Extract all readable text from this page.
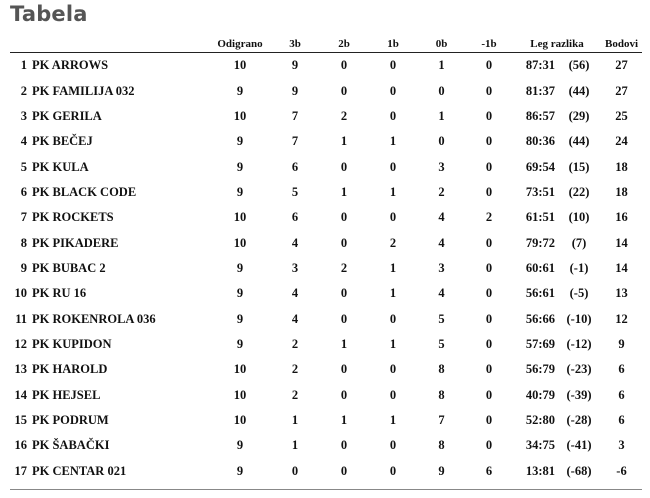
Tabela
		Odigrano	3b	2b	1b	0b	-1b	Leg razlika	Bodovi
1	PK ARROWS	10	9	0	0	1	0	87:31 (56)	27
2	PK FAMILIJA 032	9	9	0	0	0	0	81:37 (44)	27
3	PK GERILA	10	7	2	0	1	0	86:57 (29)	25
4	PK BEČEJ	9	7	1	1	0	0	80:36 (44)	24
5	PK KULA	9	6	0	0	3	0	69:54 (15)	18
6	PK BLACK CODE	9	5	1	1	2	0	73:51 (22)	18
7	PK ROCKETS	10	6	0	0	4	2	61:51 (10)	16
8	PK PIKADERE	10	4	0	2	4	0	79:72 (7)	14
9	PK BUBAC 2	9	3	2	1	3	0	60:61 (-1)	14
10	PK RU 16	9	4	0	1	4	0	56:61 (-5)	13
11	PK ROKENROLA 036	9	4	0	0	5	0	56:66 (-10)	12
12	PK KUPIDON	9	2	1	1	5	0	57:69 (-12)	9
13	PK HAROLD	10	2	0	0	8	0	56:79 (-23)	6
14	PK HEJSEL	10	2	0	0	8	0	40:79 (-39)	6
15	PK PODRUM	10	1	1	1	7	0	52:80 (-28)	6
16	PK ŠABAČKI	9	1	0	0	8	0	34:75 (-41)	3
17	PK CENTAR 021	9	0	0	0	9	6	13:81 (-68)	-6
